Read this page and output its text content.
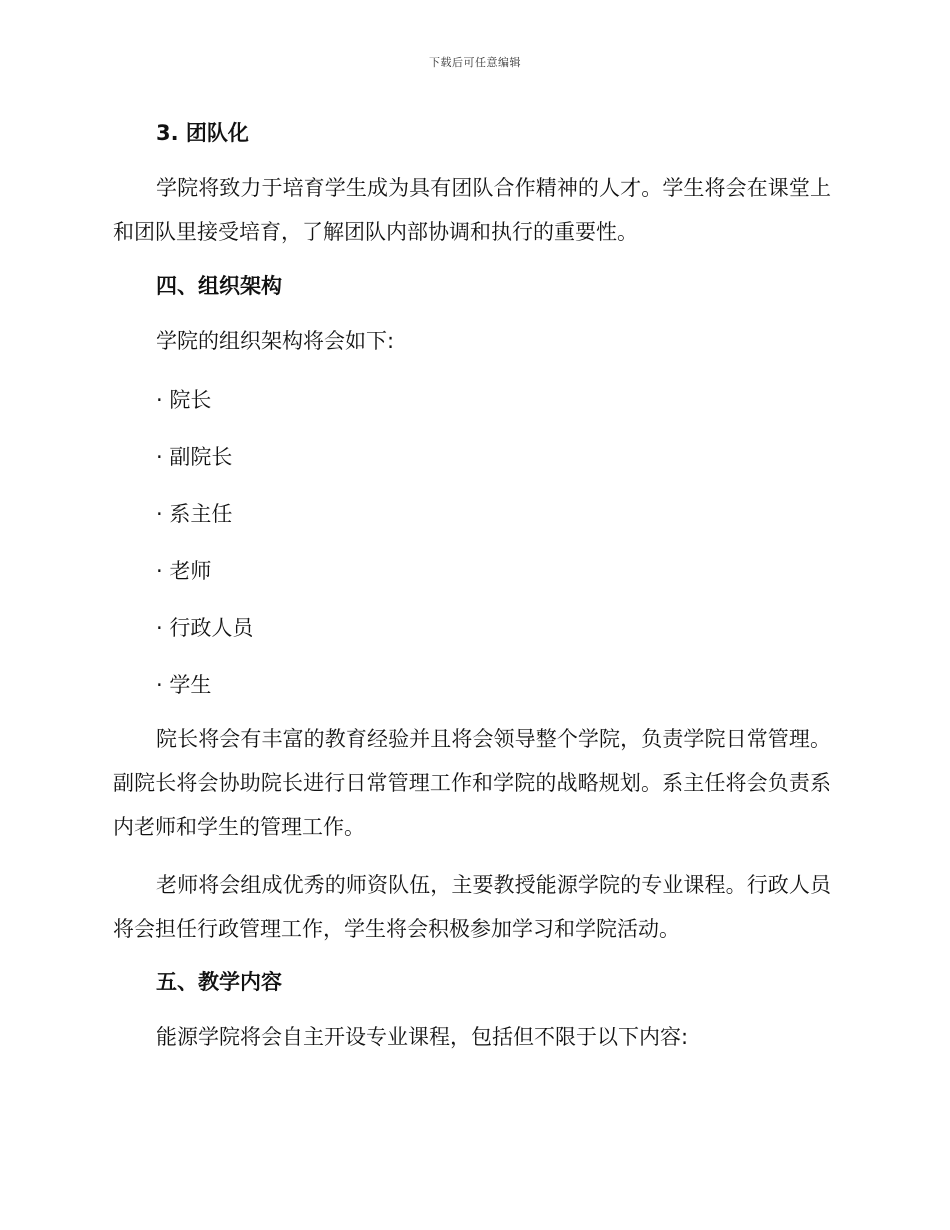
下载后可任意编辑

3. 团队化

学院将致力于培育学生成为具有团队合作精神的人才。学生将会在课堂上和团队里接受培育，了解团队内部协调和执行的重要性。

四、组织架构

学院的组织架构将会如下:

· 院长

· 副院长

· 系主任

· 老师

· 行政人员

· 学生

院长将会有丰富的教育经验并且将会领导整个学院，负责学院日常管理。副院长将会协助院长进行日常管理工作和学院的战略规划。系主任将会负责系内老师和学生的管理工作。

老师将会组成优秀的师资队伍，主要教授能源学院的专业课程。行政人员将会担任行政管理工作，学生将会积极参加学习和学院活动。

五、教学内容

能源学院将会自主开设专业课程，包括但不限于以下内容:
